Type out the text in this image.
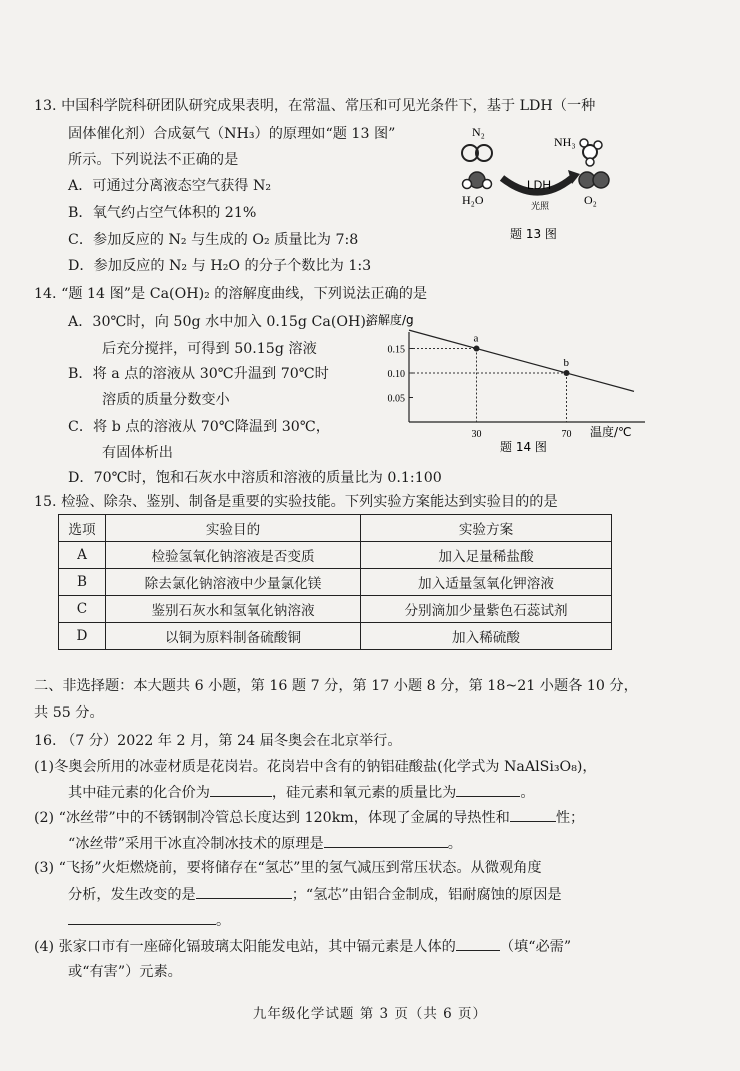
13. 中国科学院科研团队研究成果表明，在常温、常压和可见光条件下，基于 LDH（一种
固体催化剂）合成氨气（NH₃）的原理如“题 13 图”
所示。下列说法不正确的是
A．可通过分离液态空气获得 N₂
B．氧气约占空气体积的 21%
C．参加反应的 N₂ 与生成的 O₂ 质量比为 7:8
D．参加反应的 N₂ 与 H₂O 的分子个数比为 1:3
N₂
H₂O
LDH
光照
NH₃
O₂
题 13 图
14. “题 14 图”是 Ca(OH)₂ 的溶解度曲线，下列说法正确的是
A．30℃时，向 50g 水中加入 0.15g Ca(OH)₂
后充分搅拌，可得到 50.15g 溶液
B．将 a 点的溶液从 30℃升温到 70℃时
溶质的质量分数变小
C．将 b 点的溶液从 70℃降温到 30℃，
有固体析出
D．70℃时，饱和石灰水中溶质和溶液的质量比为 0.1:100
溶解度/g
温度/℃
题 14 图
0.05
0.10
0.15
30	70
a
b
15. 检验、除杂、鉴别、制备是重要的实验技能。下列实验方案能达到实验目的的是
选项	实验目的	实验方案
A	检验氢氧化钠溶液是否变质	加入足量稀盐酸
B	除去氯化钠溶液中少量氯化镁	加入适量氢氧化钾溶液
C	鉴别石灰水和氢氧化钠溶液	分别滴加少量紫色石蕊试剂
D	以铜为原料制备硫酸铜	加入稀硫酸
二、非选择题：本大题共 6 小题，第 16 题 7 分，第 17 小题 8 分，第 18~21 小题各 10 分，
共 55 分。
16. （7 分）2022 年 2 月，第 24 届冬奥会在北京举行。
(1)冬奥会所用的冰壶材质是花岗岩。花岗岩中含有的钠铝硅酸盐(化学式为 NaAlSi₃O₈)，
其中硅元素的化合价为	，硅元素和氧元素的质量比为	。
(2) “冰丝带”中的不锈钢制冷管总长度达到 120km，体现了金属的导热性和	性；
“冰丝带”采用干冰直冷制冰技术的原理是	。
(3) “飞扬”火炬燃烧前，要将储存在“氢芯”里的氢气减压到常压状态。从微观角度
分析，发生改变的是	；“氢芯”由铝合金制成，铝耐腐蚀的原因是
。
(4) 张家口市有一座碲化镉玻璃太阳能发电站，其中镉元素是人体的	（填“必需”
或“有害”）元素。
九年级化学试题 第 3 页（共 6 页）
